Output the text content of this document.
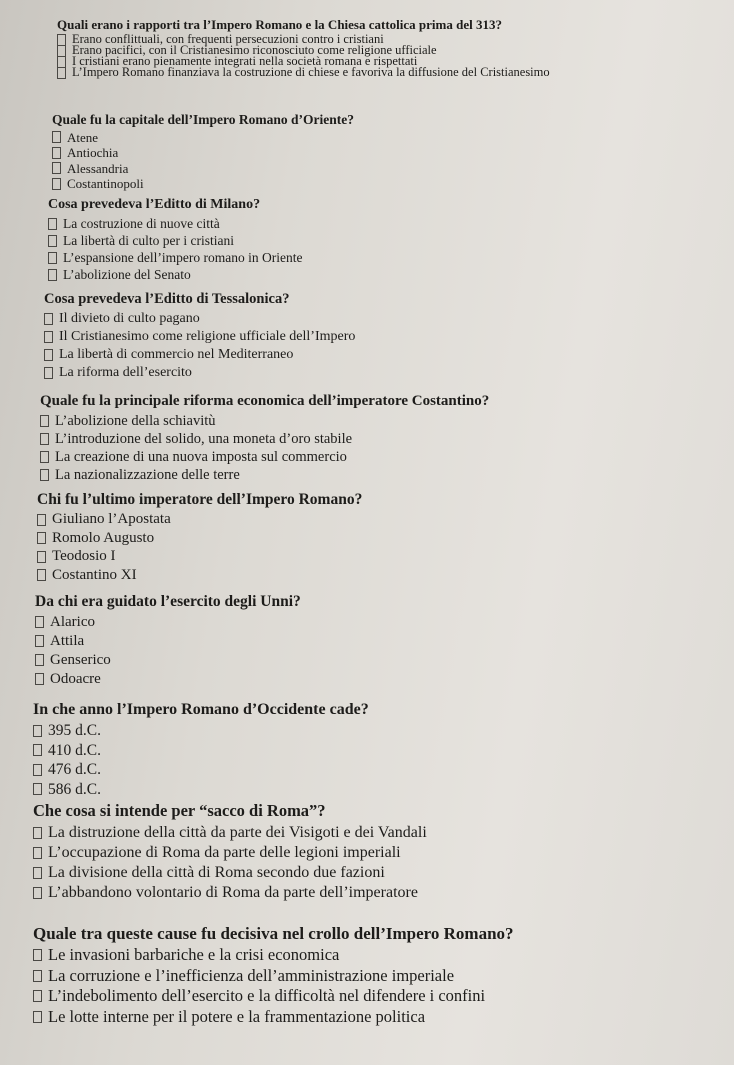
Quali erano i rapporti tra l’Impero Romano e la Chiesa cattolica prima del 313?
Erano conflittuali, con frequenti persecuzioni contro i cristiani
Erano pacifici, con il Cristianesimo riconosciuto come religione ufficiale
I cristiani erano pienamente integrati nella società romana e rispettati
L’Impero Romano finanziava la costruzione di chiese e favoriva la diffusione del Cristianesimo
Quale fu la capitale dell’Impero Romano d’Oriente?
Atene
Antiochia
Alessandria
Costantinopoli
Cosa prevedeva l’Editto di Milano?
La costruzione di nuove città
La libertà di culto per i cristiani
L’espansione dell’impero romano in Oriente
L’abolizione del Senato
Cosa prevedeva l’Editto di Tessalonica?
Il divieto di culto pagano
Il Cristianesimo come religione ufficiale dell’Impero
La libertà di commercio nel Mediterraneo
La riforma dell’esercito
Quale fu la principale riforma economica dell’imperatore Costantino?
L’abolizione della schiavitù
L’introduzione del solido, una moneta d’oro stabile
La creazione di una nuova imposta sul commercio
La nazionalizzazione delle terre
Chi fu l’ultimo imperatore dell’Impero Romano?
Giuliano l’Apostata
Romolo Augusto
Teodosio I
Costantino XI
Da chi era guidato l’esercito degli Unni?
Alarico
Attila
Genserico
Odoacre
In che anno l’Impero Romano d’Occidente cade?
395 d.C.
410 d.C.
476 d.C.
586 d.C.
Che cosa si intende per “sacco di Roma”?
La distruzione della città da parte dei Visigoti e dei Vandali
L’occupazione di Roma da parte delle legioni imperiali
La divisione della città di Roma secondo due fazioni
L’abbandono volontario di Roma da parte dell’imperatore
Quale tra queste cause fu decisiva nel crollo dell’Impero Romano?
Le invasioni barbariche e la crisi economica
La corruzione e l’inefficienza dell’amministrazione imperiale
L’indebolimento dell’esercito e la difficoltà nel difendere i confini
Le lotte interne per il potere e la frammentazione politica
